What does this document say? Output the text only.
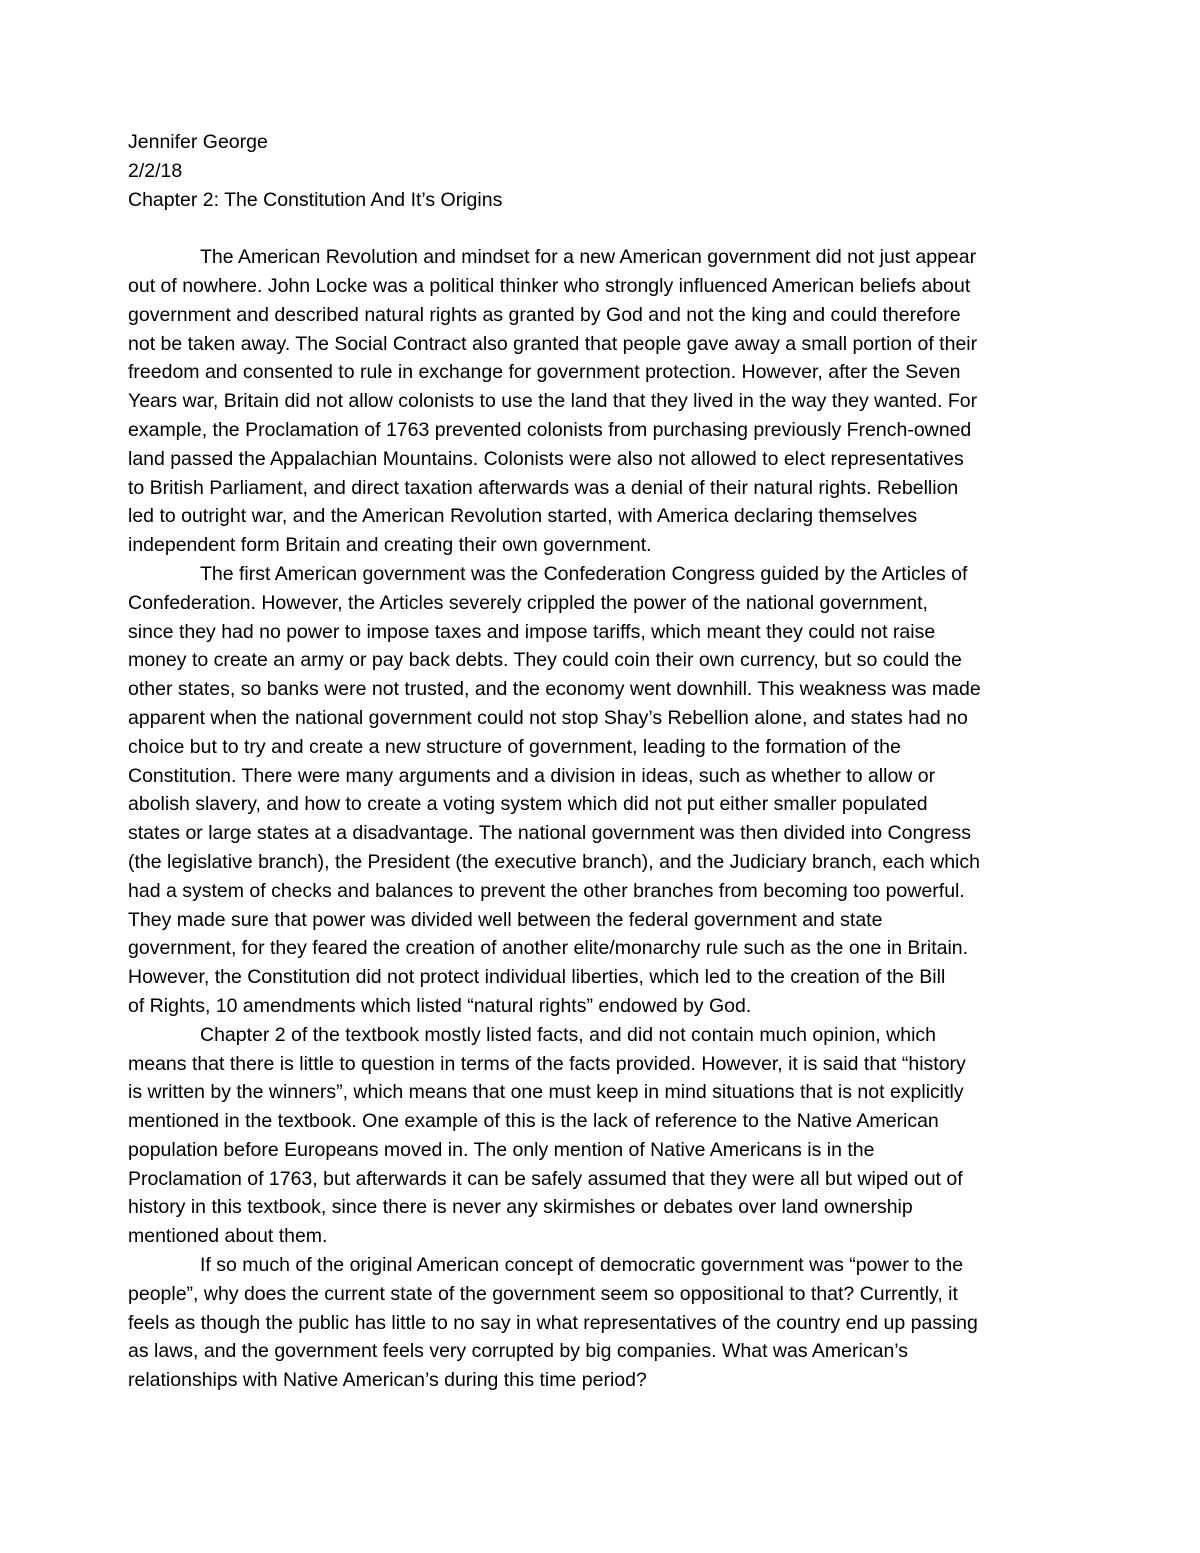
Jennifer George
2/2/18
Chapter 2: The Constitution And It’s Origins
The American Revolution and mindset for a new American government did not just appear
out of nowhere. John Locke was a political thinker who strongly influenced American beliefs about
government and described natural rights as granted by God and not the king and could therefore
not be taken away. The Social Contract also granted that people gave away a small portion of their
freedom and consented to rule in exchange for government protection. However, after the Seven
Years war, Britain did not allow colonists to use the land that they lived in the way they wanted. For
example, the Proclamation of 1763 prevented colonists from purchasing previously French-owned
land passed the Appalachian Mountains. Colonists were also not allowed to elect representatives
to British Parliament, and direct taxation afterwards was a denial of their natural rights. Rebellion
led to outright war, and the American Revolution started, with America declaring themselves
independent form Britain and creating their own government.
The first American government was the Confederation Congress guided by the Articles of
Confederation. However, the Articles severely crippled the power of the national government,
since they had no power to impose taxes and impose tariffs, which meant they could not raise
money to create an army or pay back debts. They could coin their own currency, but so could the
other states, so banks were not trusted, and the economy went downhill. This weakness was made
apparent when the national government could not stop Shay’s Rebellion alone, and states had no
choice but to try and create a new structure of government, leading to the formation of the
Constitution. There were many arguments and a division in ideas, such as whether to allow or
abolish slavery, and how to create a voting system which did not put either smaller populated
states or large states at a disadvantage. The national government was then divided into Congress
(the legislative branch), the President (the executive branch), and the Judiciary branch, each which
had a system of checks and balances to prevent the other branches from becoming too powerful.
They made sure that power was divided well between the federal government and state
government, for they feared the creation of another elite/monarchy rule such as the one in Britain.
However, the Constitution did not protect individual liberties, which led to the creation of the Bill
of Rights, 10 amendments which listed “natural rights” endowed by God.
Chapter 2 of the textbook mostly listed facts, and did not contain much opinion, which
means that there is little to question in terms of the facts provided. However, it is said that “history
is written by the winners”, which means that one must keep in mind situations that is not explicitly
mentioned in the textbook. One example of this is the lack of reference to the Native American
population before Europeans moved in. The only mention of Native Americans is in the
Proclamation of 1763, but afterwards it can be safely assumed that they were all but wiped out of
history in this textbook, since there is never any skirmishes or debates over land ownership
mentioned about them.
If so much of the original American concept of democratic government was “power to the
people”, why does the current state of the government seem so oppositional to that? Currently, it
feels as though the public has little to no say in what representatives of the country end up passing
as laws, and the government feels very corrupted by big companies. What was American’s
relationships with Native American’s during this time period?
